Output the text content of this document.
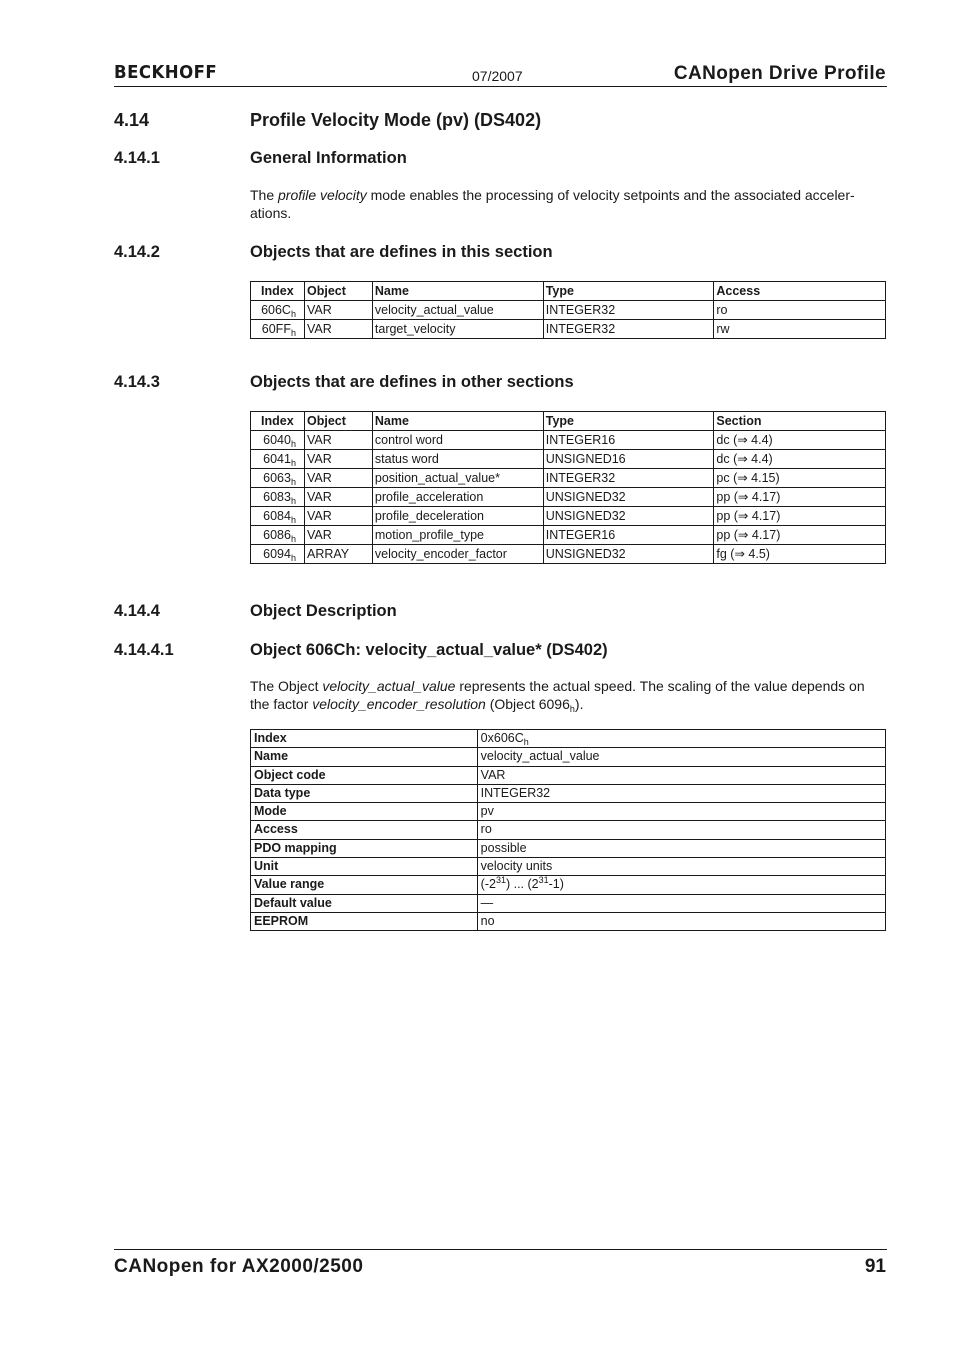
BECKHOFF	07/2007	CANopen Drive Profile
4.14	Profile Velocity Mode (pv) (DS402)
4.14.1	General Information
The profile velocity mode enables the processing of velocity setpoints and the associated acceler-
ations.
4.14.2	Objects that are defines in this section
Index	Object	Name	Type	Access
$606C_h$	VAR	velocity_actual_value	INTEGER32	ro
$60FF_h$	VAR	target_velocity	INTEGER32	rw
4.14.3	Objects that are defines in other sections
Index	Object	Name	Type	Section
$6040_h$	VAR	control word	INTEGER16	dc (⇒ 4.4)
$6041_h$	VAR	status word	UNSIGNED16	dc (⇒ 4.4)
$6063_h$	VAR	position_actual_value*	INTEGER32	pc (⇒ 4.15)
$6083_h$	VAR	profile_acceleration	UNSIGNED32	pp (⇒ 4.17)
$6084_h$	VAR	profile_deceleration	UNSIGNED32	pp (⇒ 4.17)
$6086_h$	VAR	motion_profile_type	INTEGER16	pp (⇒ 4.17)
$6094_h$	ARRAY	velocity_encoder_factor	UNSIGNED32	fg (⇒ 4.5)
4.14.4	Object Description
4.14.4.1	Object 606Ch: velocity_actual_value* (DS402)
The Object velocity_actual_value represents the actual speed. The scaling of the value depends on
the factor velocity_encoder_resolution (Object $6096_h$).
Index	$0x606C_h$
Name	velocity_actual_value
Object code	VAR
Data type	INTEGER32
Mode	pv
Access	ro
PDO mapping	possible
Unit	velocity units
Value range	$(-2^{31})$ ... $(2^{31}-1)$
Default value	—
EEPROM	no
CANopen for AX2000/2500	91
